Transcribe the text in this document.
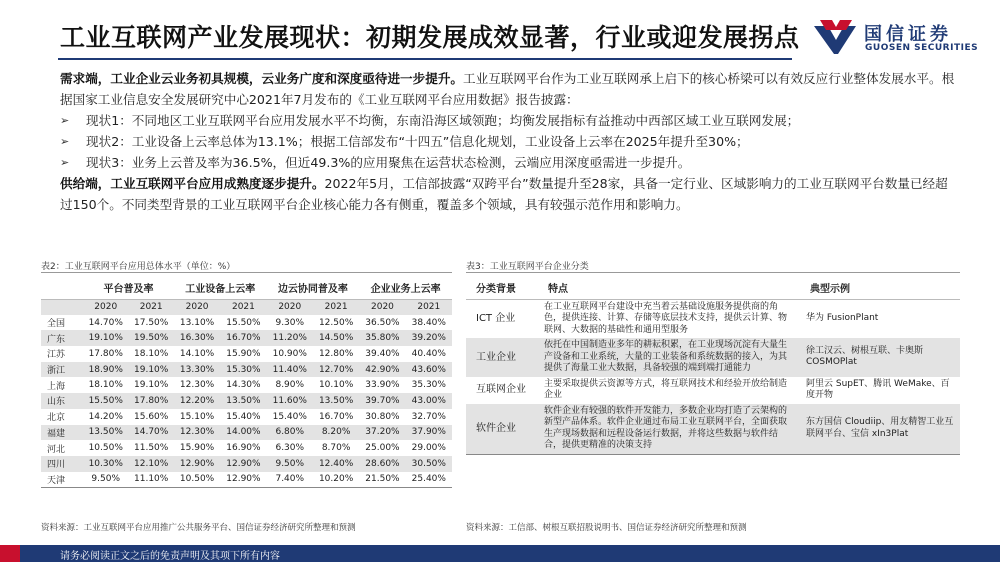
工业互联网产业发展现状：初期发展成效显著，行业或迎发展拐点	国信证券
GUOSEN SECURITIES

需求端，工业企业云业务初具规模，云业务广度和深度亟待进一步提升。工业互联网平台作为工业互联网承上启下的核心桥梁可以有效反应行业整体发展水平。根据国家工业信息安全发展研究中心2021年7月发布的《工业互联网平台应用数据》报告披露：

➢	现状1：不同地区工业互联网平台应用发展水平不均衡，东南沿海区域领跑；均衡发展指标有益推动中西部区域工业互联网发展；
➢	现状2：工业设备上云率总体为13.1%；根据工信部发布“十四五”信息化规划，工业设备上云率在2025年提升至30%；
➢	现状3：业务上云普及率为36.5%，但近49.3%的应用聚焦在运营状态检测，云端应用深度亟需进一步提升。

供给端，工业互联网平台应用成熟度逐步提升。2022年5月，工信部披露“双跨平台”数量提升至28家，具备一定行业、区域影响力的工业互联网平台数量已经超过150个。不同类型背景的工业互联网平台企业核心能力各有侧重，覆盖多个领域，具有较强示范作用和影响力。

表2：工业互联网平台应用总体水平（单位：%）	表3：工业互联网平台企业分类
	平台普及率		工业设备上云率		边云协同普及率		企业业务上云率	
	2020	2021	2020	2021	2020	2021	2020	2021
全国	14.70%	17.50%	13.10%	15.50%	9.30%	12.50%	36.50%	38.40%
广东	19.10%	19.50%	16.30%	16.70%	11.20%	14.50%	35.80%	39.20%
江苏	17.80%	18.10%	14.10%	15.90%	10.90%	12.80%	39.40%	40.40%
浙江	18.90%	19.10%	13.30%	15.30%	11.40%	12.70%	42.90%	43.60%
上海	18.10%	19.10%	12.30%	14.30%	8.90%	10.10%	33.90%	35.30%
山东	15.50%	17.80%	12.20%	13.50%	11.60%	13.50%	39.70%	43.00%
北京	14.20%	15.60%	15.10%	15.40%	15.40%	16.70%	30.80%	32.70%
福建	13.50%	14.70%	12.30%	14.00%	6.80%	8.20%	37.20%	37.90%
河北	10.50%	11.50%	15.90%	16.90%	6.30%	8.70%	25.00%	29.00%
四川	10.30%	12.10%	12.90%	12.90%	9.50%	12.40%	28.60%	30.50%
天津	9.50%	11.10%	10.50%	12.90%	7.40%	10.20%	21.50%	25.40%
分类背景	特点	典型示例
ICT 企业	在工业互联网平台建设中充当着云基础设施服务提供商的角色，提供连接、计算、存储等底层技术支持，提供云计算、物联网、大数据的基础性和通用型服务	华为 FusionPlant
工业企业	依托在中国制造业多年的耕耘积累，在工业现场沉淀有大量生产设备和工业系统，大量的工业装备和系统数据的接入，为其提供了海量工业大数据，具备较强的端到端打通能力	徐工汉云、树根互联、卡奥斯 COSMOPlat
互联网企业	主要采取提供云资源等方式，将互联网技术和经验开放给制造企业	阿里云 SupET、腾讯 WeMake、百度开物
软件企业	软件企业有较强的软件开发能力，多数企业均打造了云架构的新型产品体系。软件企业通过布局工业互联网平台，全面获取生产现场数据和远程设备运行数据，并将这些数据与软件结合，提供更精准的决策支持	东方国信 Cloudiip、用友精智工业互联网平台、宝信 xIn3Plat
资料来源：工业互联网平台应用推广公共服务平台、国信证券经济研究所整理和预测	资料来源：工信部、树根互联招股说明书、国信证券经济研究所整理和预测
请务必阅读正文之后的免责声明及其项下所有内容
